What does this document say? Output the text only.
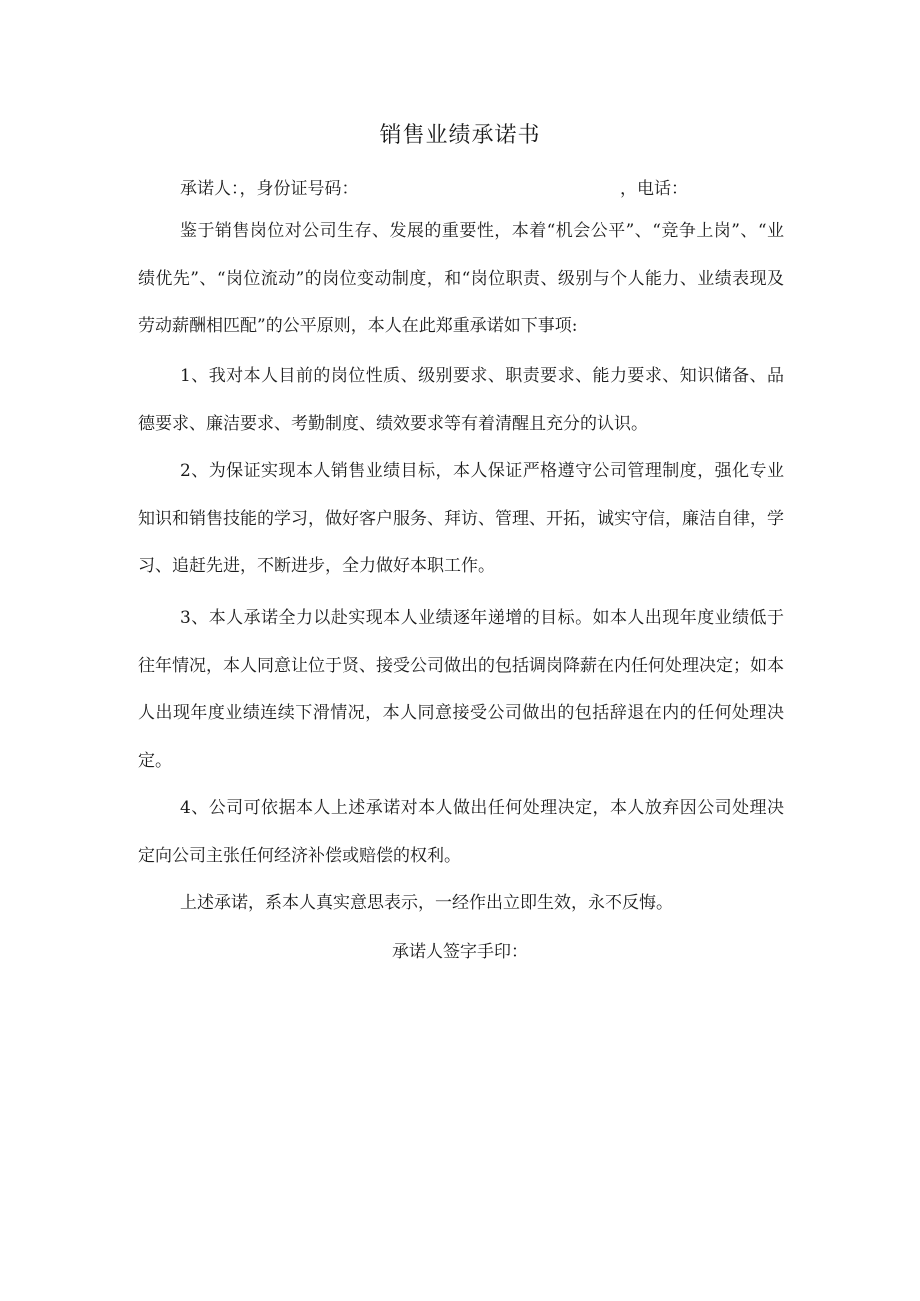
销售业绩承诺书
承诺人：，身份证号码：	，电话：

鉴于销售岗位对公司生存、发展的重要性，本着“机会公平”、“竞争上岗”、“业绩优先”、“岗位流动”的岗位变动制度，和“岗位职责、级别与个人能力、业绩表现及劳动薪酬相匹配”的公平原则，本人在此郑重承诺如下事项:

1、我对本人目前的岗位性质、级别要求、职责要求、能力要求、知识储备、品德要求、廉洁要求、考勤制度、绩效要求等有着清醒且充分的认识。

2、为保证实现本人销售业绩目标，本人保证严格遵守公司管理制度，强化专业知识和销售技能的学习，做好客户服务、拜访、管理、开拓，诚实守信，廉洁自律，学习、追赶先进，不断进步，全力做好本职工作。

3、本人承诺全力以赴实现本人业绩逐年递增的目标。如本人出现年度业绩低于往年情况，本人同意让位于贤、接受公司做出的包括调岗降薪在内任何处理决定；如本人出现年度业绩连续下滑情况，本人同意接受公司做出的包括辞退在内的任何处理决定。

4、公司可依据本人上述承诺对本人做出任何处理决定，本人放弃因公司处理决定向公司主张任何经济补偿或赔偿的权利。

上述承诺，系本人真实意思表示，一经作出立即生效，永不反悔。

承诺人签字手印：
